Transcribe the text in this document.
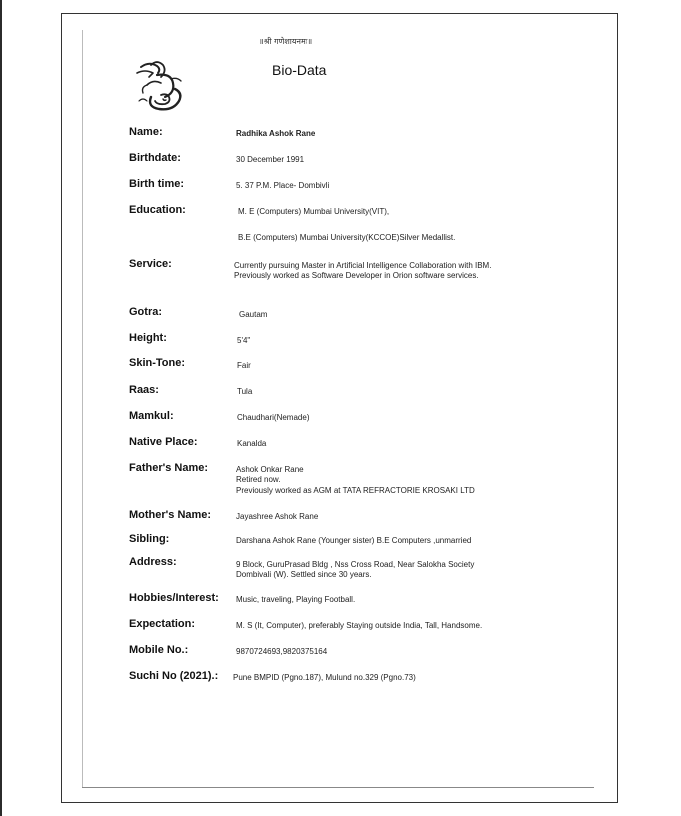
॥श्री गणेशायनमः॥
Bio-Data
Name:	Radhika Ashok Rane
Birthdate:	30 December 1991
Birth time:	5. 37 P.M. Place- Dombivli
Education:	M. E (Computers) Mumbai University(VIT),
B.E (Computers) Mumbai University(KCCOE)Silver Medallist.
Service:	Currently pursuing Master in Artificial Intelligence Collaboration with IBM.
Previously worked as Software Developer in Orion software services.
Gotra:	Gautam
Height:	5'4"
Skin-Tone:	Fair
Raas:	Tula
Mamkul:	Chaudhari(Nemade)
Native Place:	Kanalda
Father's Name:	Ashok Onkar Rane
Retired now.
Previously worked as AGM at TATA REFRACTORIE KROSAKI LTD
Mother's Name:	Jayashree Ashok Rane
Sibling:	Darshana Ashok Rane (Younger sister) B.E Computers ,unmarried
Address:	9 Block, GuruPrasad Bldg , Nss Cross Road, Near Salokha Society
Dombivali (W). Settled since 30 years.
Hobbies/Interest: Music, traveling, Playing Football.
Expectation:	M. S (It, Computer), preferably Staying outside India, Tall, Handsome.
Mobile No.:	9870724693,9820375164
Suchi No (2021).: Pune BMPID (Pgno.187), Mulund no.329 (Pgno.73)
